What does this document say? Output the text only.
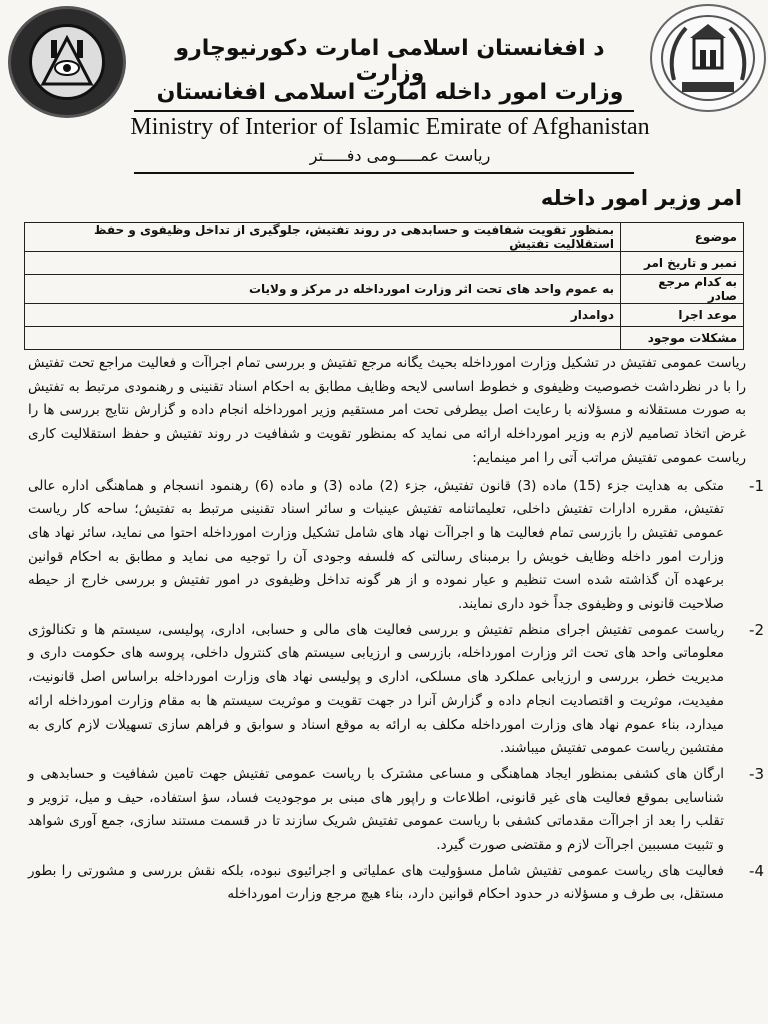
د افغانستان اسلامی امارت دکورنیوچارو وزارت
وزارت امور داخله امارت اسلامی افغانستان
Ministry of Interior of Islamic Emirate of Afghanistan
ریاست عمـــــومی دفـــــتر
امر وزیر امور داخله
موضوع	بمنظور تقویت شفافیت و حسابدهی در روند تفتیش، جلوگیری از تداخل وظیفوی و حفظ استقلالیت تفتیش
نمبر و تاریخ امر	
به کدام مرجع صادر	به عموم واحد های تحت اثر وزارت امورداخله در مرکز و ولایات
موعد اجرا	دوامدار
مشکلات موجود	

ریاست عمومی تفتیش در تشکیل وزارت امورداخله بحیث یگانه مرجع تفتیش و بررسی تمام اجراآت و فعالیت مراجع تحت تفتیش را با در نظرداشت خصوصیت وظیفوی و خطوط اساسی لایحه وظایف مطابق به احکام اسناد تقنینی و رهنمودی مرتبط به تفتیش به صورت مستقلانه و مسؤلانه با رعایت اصل بیطرفی تحت امر مستقیم وزیر امورداخله انجام داده و گزارش نتایج بررسی ها را غرض اتخاذ تصامیم لازم به وزیر امورداخله ارائه می نماید که بمنظور تقویت و شفافیت در روند تفتیش و حفظ استقلالیت کاری ریاست عمومی تفتیش مراتب آتی را امر مینمایم:

1-
متکی به هدایت جزء (15) ماده (3) قانون تفتیش، جزء (2) ماده (3) و ماده (6) رهنمود انسجام و هماهنگی اداره عالی تفتیش، مقرره ادارات تفتیش داخلی، تعلیماتنامه تفتیش عینیات و سائر اسناد تقنینی مرتبط به تفتیش؛ ساحه کار ریاست عمومی تفتیش را بازرسی تمام فعالیت ها و اجراآت نهاد های شامل تشکیل وزارت امورداخله احتوا می نماید، سائر نهاد های وزارت امور داخله وظایف خویش را برمبنای رسالتی که فلسفه وجودی آن را توجیه می نماید و مطابق به احکام قوانین برعهده آن گذاشته شده است تنظیم و عیار نموده و از هر گونه تداخل وظیفوی در امور تفتیش و بررسی خارج از حیطه صلاحیت قانونی و وظیفوی جداً خود داری نمایند.
2-
ریاست عمومی تفتیش اجرای منظم تفتیش و بررسی فعالیت های مالی و حسابی، اداری، پولیسی، سیستم ها و تکنالوژی معلوماتی واحد های تحت اثر وزارت امورداخله، بازرسی و ارزیابی سیستم های کنترول داخلی، پروسه های حکومت داری و مدیریت خطر، بررسی و ارزیابی عملکرد های مسلکی، اداری و پولیسی نهاد های وزارت امورداخله براساس اصل قانونیت، مفیدیت، موثریت و اقتصادیت انجام داده و گزارش آنرا در جهت تقویت و موثریت سیستم ها به مقام وزارت امورداخله ارائه میدارد، بناء عموم نهاد های وزارت امورداخله مکلف به ارائه به موقع اسناد و سوابق و فراهم سازی تسهیلات لازم کاری به مفتشین ریاست عمومی تفتیش میباشند.
3-
ارگان های کشفی بمنظور ایجاد هماهنگی و مساعی مشترک با ریاست عمومی تفتیش جهت تامین شفافیت و حسابدهی و شناسایی بموقع فعالیت های غیر قانونی، اطلاعات و راپور های مبنی بر موجودیت فساد، سؤ استفاده، حیف و میل، تزویر و تقلب را بعد از اجراآت مقدماتی کشفی با ریاست عمومی تفتیش شریک سازند تا در قسمت مستند سازی، جمع آوری شواهد و تثبیت مسببین اجراآت لازم و مقتضی صورت گیرد.
4-
فعالیت های ریاست عمومی تفتیش شامل مسؤولیت های عملیاتی و اجرائیوی نبوده، بلکه نقش بررسی و مشورتی را بطور مستقل، بی طرف و مسؤلانه در حدود احکام قوانین دارد، بناء هیچ مرجع وزارت امورداخله
